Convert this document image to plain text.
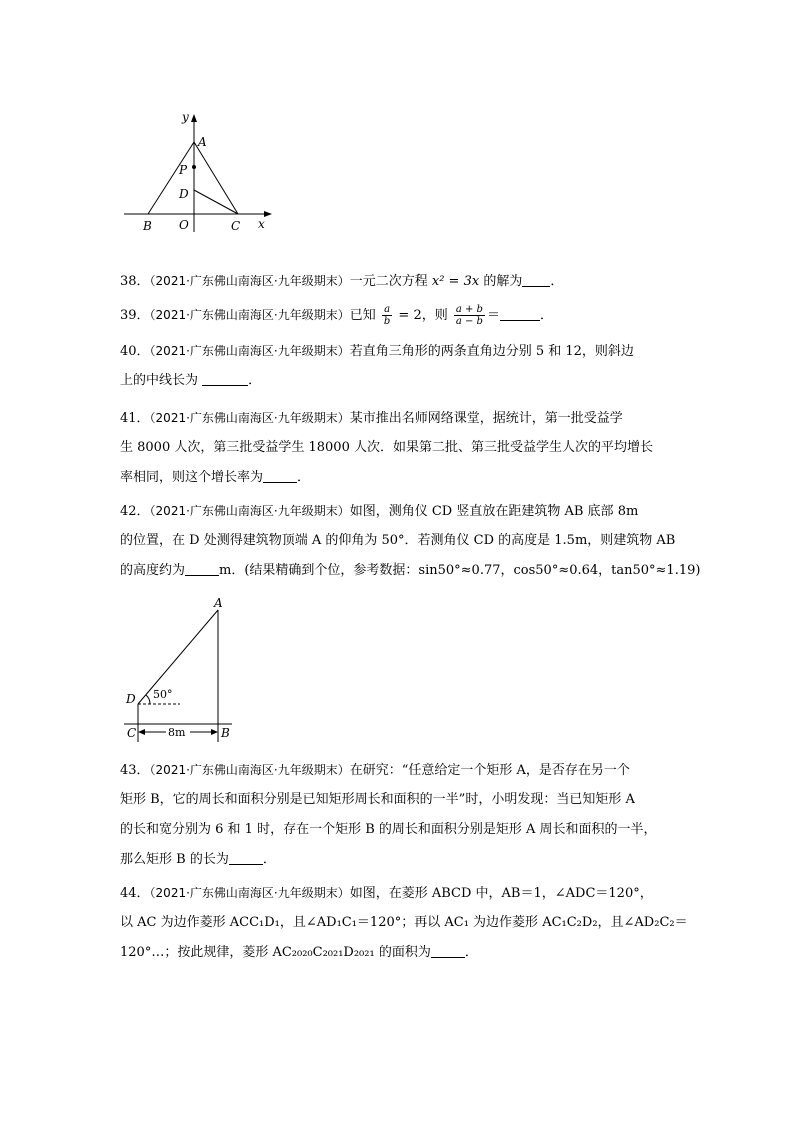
y
x
A
P
D
B O	C
38．（2021·广东佛山南海区·九年级期末）一元二次方程 x² = 3x 的解为 ．
39．（2021·广东佛山南海区·九年级期末）已知 $\frac{a}{b} = 2$，则 $\frac{a + b}{a - b}$ ＝	．
40．（2021·广东佛山南海区·九年级期末）若直角三角形的两条直角边分别 5 和 12，则斜边
上的中线长为	．
41．（2021·广东佛山南海区·九年级期末）某市推出名师网络课堂，据统计，第一批受益学
生 8000 人次，第三批受益学生 18000 人次．如果第二批、第三批受益学生人次的平均增长
率相同，则这个增长率为	．
42．（2021·广东佛山南海区·九年级期末）如图，测角仪 CD 竖直放在距建筑物 AB 底部 8m
的位置，在 D 处测得建筑物顶端 A 的仰角为 50°．若测角仪 CD 的高度是 1.5m，则建筑物 AB
的高度约为	m．(结果精确到个位，参考数据：sin50°≈0.77，cos50°≈0.64，tan50°≈1.19)
A
D 50°
C	8m	B
43．（2021·广东佛山南海区·九年级期末）在研究：“任意给定一个矩形 A，是否存在另一个
矩形 B，它的周长和面积分别是已知矩形周长和面积的一半”时，小明发现：当已知矩形 A
的长和宽分别为 6 和 1 时，存在一个矩形 B 的周长和面积分别是矩形 A 周长和面积的一半，
那么矩形 B 的长为	．
44．（2021·广东佛山南海区·九年级期末）如图，在菱形 ABCD 中，AB＝1，∠ADC＝120°，
以 AC 为边作菱形 ACC₁D₁，且∠AD₁C₁＝120°；再以 AC₁ 为边作菱形 AC₁C₂D₂，且∠AD₂C₂＝
120°…；按此规律，菱形 AC₂₀₂₀C₂₀₂₁D₂₀₂₁ 的面积为	．
